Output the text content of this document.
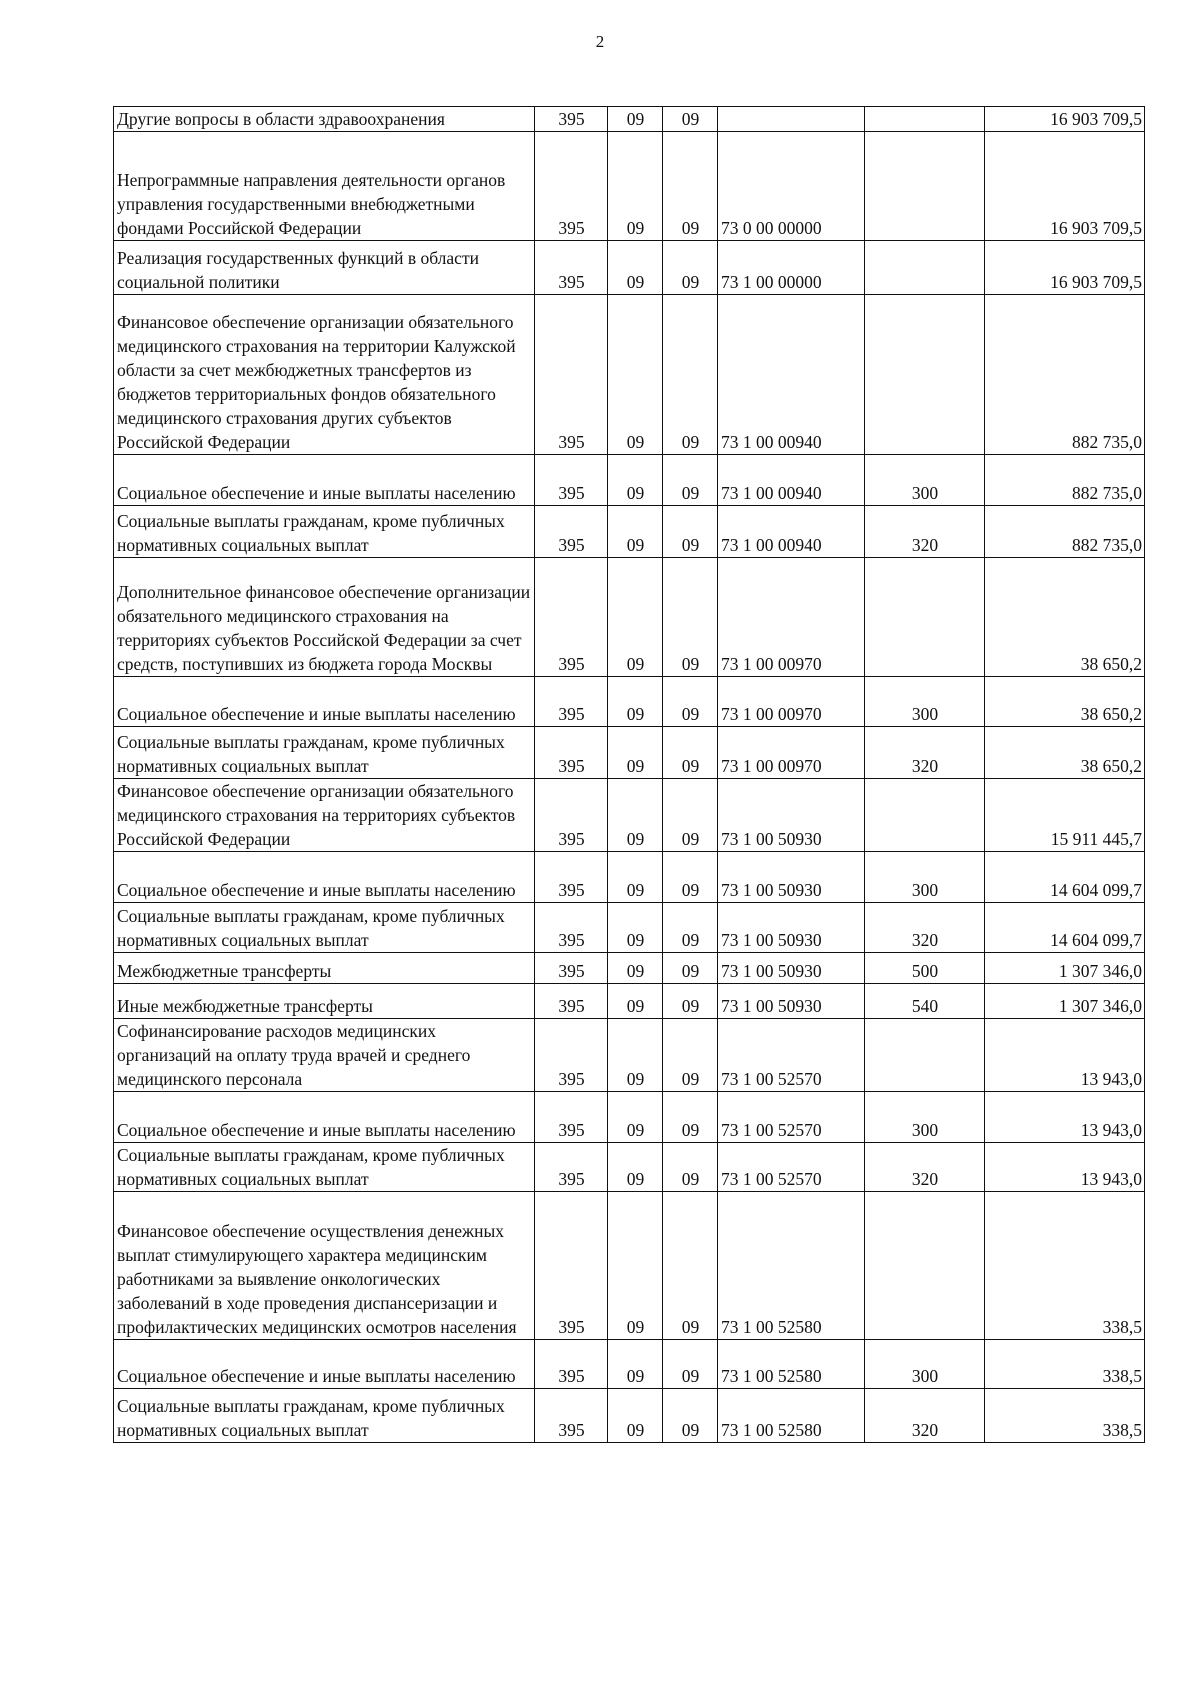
2
Другие вопросы в области здравоохранения	395	09	09			16 903 709,5
Непрограммные направления деятельности органов управления государственными внебюджетными фондами Российской Федерации	395	09	09	73 0 00 00000		16 903 709,5
Реализация государственных функций в области социальной политики	395	09	09	73 1 00 00000		16 903 709,5
Финансовое обеспечение организации обязательного медицинского страхования на территории Калужской области за счет межбюджетных трансфертов из бюджетов территориальных фондов обязательного медицинского страхования других субъектов Российской Федерации	395	09	09	73 1 00 00940		882 735,0
Социальное обеспечение и иные выплаты населению	395	09	09	73 1 00 00940	300	882 735,0
Социальные выплаты гражданам, кроме публичных нормативных социальных выплат	395	09	09	73 1 00 00940	320	882 735,0
Дополнительное финансовое обеспечение организации обязательного медицинского страхования на территориях субъектов Российской Федерации за счет средств, поступивших из бюджета города Москвы	395	09	09	73 1 00 00970		38 650,2
Социальное обеспечение и иные выплаты населению	395	09	09	73 1 00 00970	300	38 650,2
Социальные выплаты гражданам, кроме публичных нормативных социальных выплат	395	09	09	73 1 00 00970	320	38 650,2
Финансовое обеспечение организации обязательного медицинского страхования на территориях субъектов Российской Федерации	395	09	09	73 1 00 50930		15 911 445,7
Социальное обеспечение и иные выплаты населению	395	09	09	73 1 00 50930	300	14 604 099,7
Социальные выплаты гражданам, кроме публичных нормативных социальных выплат	395	09	09	73 1 00 50930	320	14 604 099,7
Межбюджетные трансферты	395	09	09	73 1 00 50930	500	1 307 346,0
Иные межбюджетные трансферты	395	09	09	73 1 00 50930	540	1 307 346,0
Софинансирование расходов медицинских организаций на оплату труда врачей и среднего медицинского персонала	395	09	09	73 1 00 52570		13 943,0
Социальное обеспечение и иные выплаты населению	395	09	09	73 1 00 52570	300	13 943,0
Социальные выплаты гражданам, кроме публичных нормативных социальных выплат	395	09	09	73 1 00 52570	320	13 943,0
Финансовое обеспечение осуществления денежных выплат стимулирующего характера медицинским работниками за выявление онкологических заболеваний в ходе проведения диспансеризации и профилактических медицинских осмотров населения	395	09	09	73 1 00 52580		338,5
Социальное обеспечение и иные выплаты населению	395	09	09	73 1 00 52580	300	338,5
Социальные выплаты гражданам, кроме публичных нормативных социальных выплат	395	09	09	73 1 00 52580	320	338,5
